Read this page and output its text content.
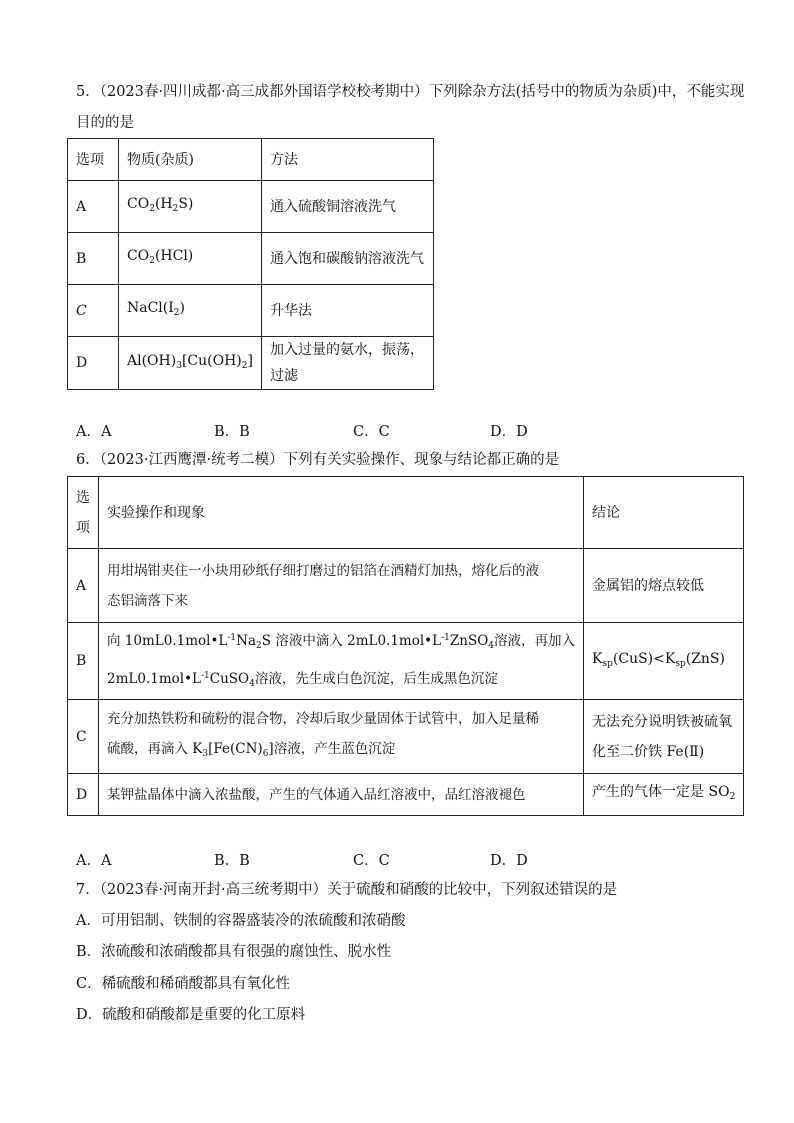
5．（2023春·四川成都·高三成都外国语学校校考期中）下列除杂方法(括号中的物质为杂质)中，不能实现
目的的是
选项	物质(杂质)	方法
A	$CO_2(H_2S)$	通入硫酸铜溶液洗气
B	$CO_2(HCl)$	通入饱和碳酸钠溶液洗气
C	$NaCl(I_2)$	升华法
D	$Al(OH)_3[Cu(OH)_2]$	加入过量的氨水，振荡，过滤
A．A	B．B	C．C	D．D
6．（2023·江西鹰潭·统考二模）下列有关实验操作、现象与结论都正确的是
选
项	实验操作和现象	结论
A	用坩埚钳夹住一小块用砂纸仔细打磨过的铝箔在酒精灯加热，熔化后的液
态铝滴落下来	金属铝的熔点较低
B	向 $10mL0.1mol•L^{-1}Na_2S$ 溶液中滴入 $2mL0.1mol•L^{-1}ZnSO_4$溶液，再加入
$2mL0.1mol•L^{-1}CuSO_4$溶液，先生成白色沉淀，后生成黑色沉淀	$K_{sp}(CuS)<K_{sp}(ZnS)$
C	充分加热铁粉和硫粉的混合物，冷却后取少量固体于试管中，加入足量稀
硫酸，再滴入 $K_3[Fe(CN)_6]$溶液，产生蓝色沉淀	无法充分说明铁被硫氧
化至二价铁 Fe(Ⅱ)
D	某钾盐晶体中滴入浓盐酸，产生的气体通入品红溶液中，品红溶液褪色	产生的气体一定是 $SO_2$
A．A	B．B	C．C	D．D
7．（2023春·河南开封·高三统考期中）关于硫酸和硝酸的比较中，下列叙述错误的是
A．可用铝制、铁制的容器盛装冷的浓硫酸和浓硝酸
B．浓硫酸和浓硝酸都具有很强的腐蚀性、脱水性
C．稀硫酸和稀硝酸都具有氧化性
D．硫酸和硝酸都是重要的化工原料
